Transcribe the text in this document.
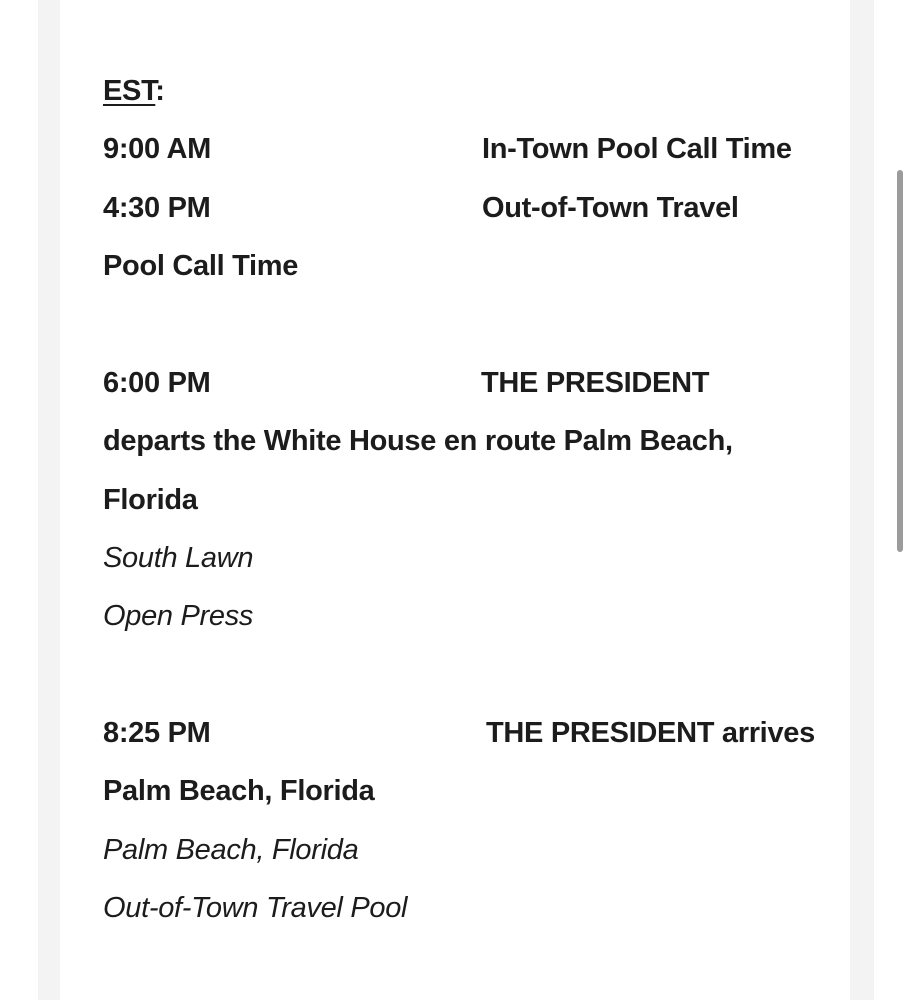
EST:
9:00 AM	In-Town Pool Call Time
4:30 PM	Out-of-Town Travel
Pool Call Time
6:00 PM	THE PRESIDENT
departs the White House en route Palm Beach,
Florida
South Lawn
Open Press
8:25 PM	THE PRESIDENT arrives
Palm Beach, Florida
Palm Beach, Florida
Out-of-Town Travel Pool
